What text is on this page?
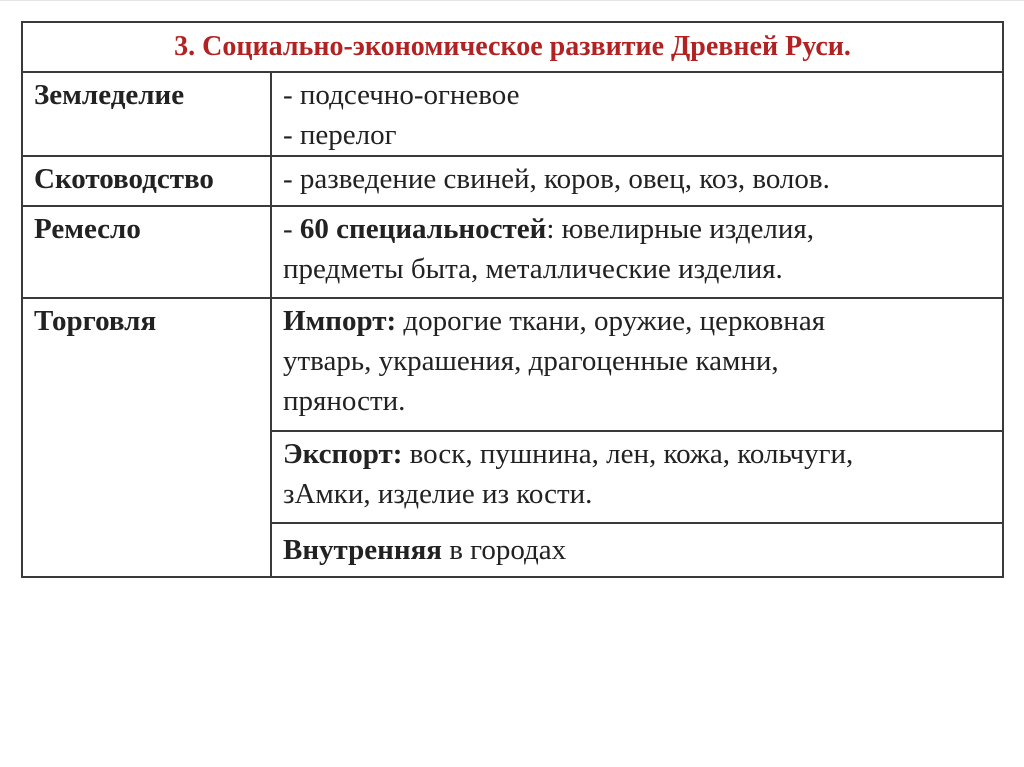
3. Социально-экономическое развитие Древней Руси.	
Земледелие	- подсечно-огневое
- перелог

Скотоводство	- разведение свиней, коров, овец, коз, волов.

Ремесло	- 60 специальностей: ювелирные изделия,
предметы быта, металлические изделия.

Торговля	Импорт: дорогие ткани, оружие, церковная
утварь, украшения, драгоценные камни,
пряности.

	Экспорт: воск, пушнина, лен, кожа, кольчуги,
зАмки, изделие из кости.

	Внутренняя в городах
